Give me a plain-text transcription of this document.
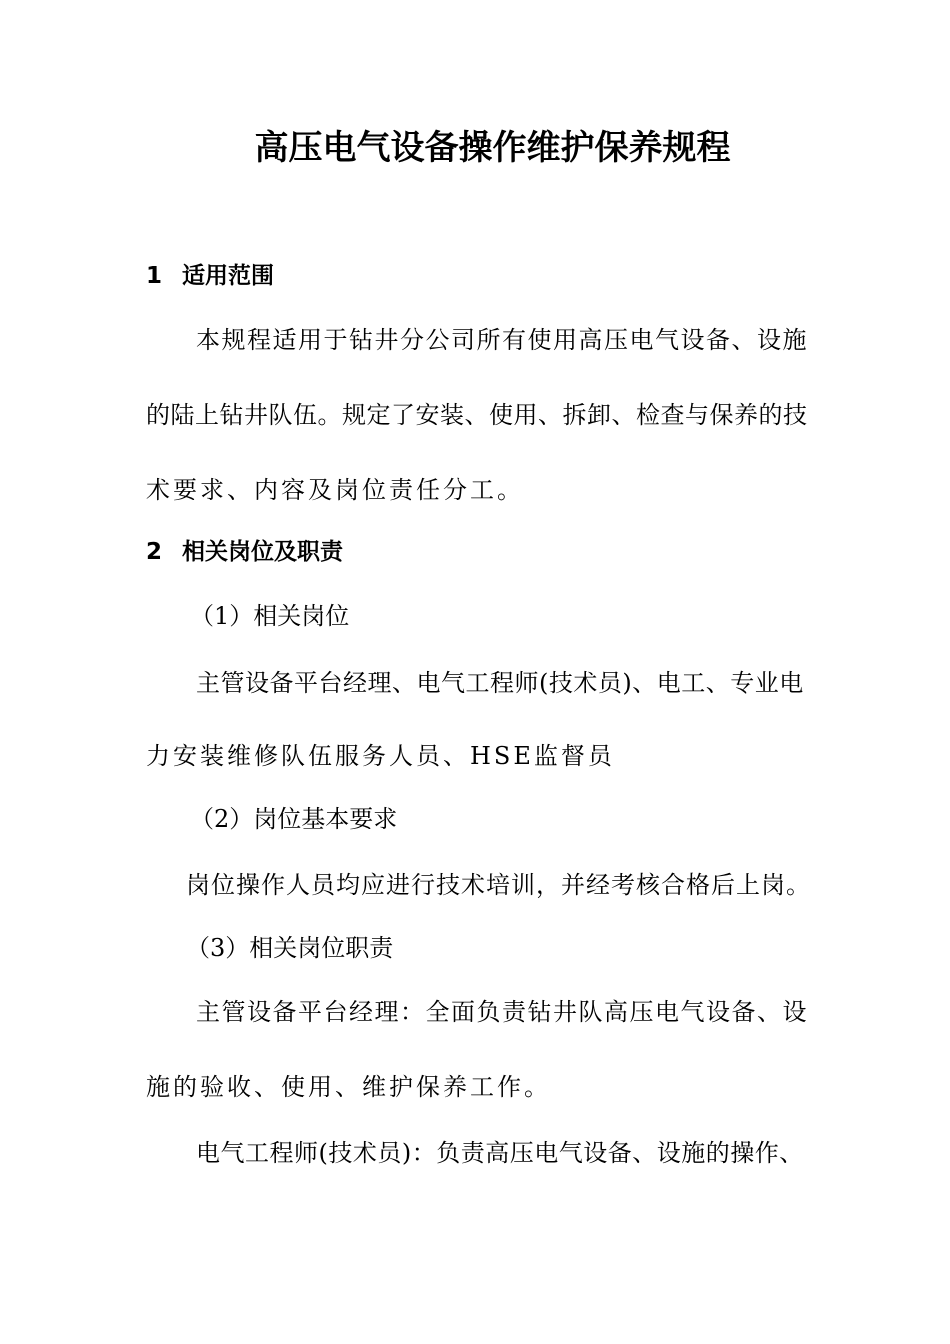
高压电气设备操作维护保养规程
1 适用范围
本规程适用于钻井分公司所有使用高压电气设备、设施
的陆上钻井队伍。规定了安装、使用、拆卸、检查与保养的技
术要求、内容及岗位责任分工。
2 相关岗位及职责
（1）相关岗位
主管设备平台经理、电气工程师(技术员)、电工、专业电
力安装维修队伍服务人员、HSE监督员
（2）岗位基本要求
岗位操作人员均应进行技术培训，并经考核合格后上岗。
（3）相关岗位职责
主管设备平台经理：全面负责钻井队高压电气设备、设
施的验收、使用、维护保养工作。
电气工程师(技术员)：负责高压电气设备、设施的操作、
